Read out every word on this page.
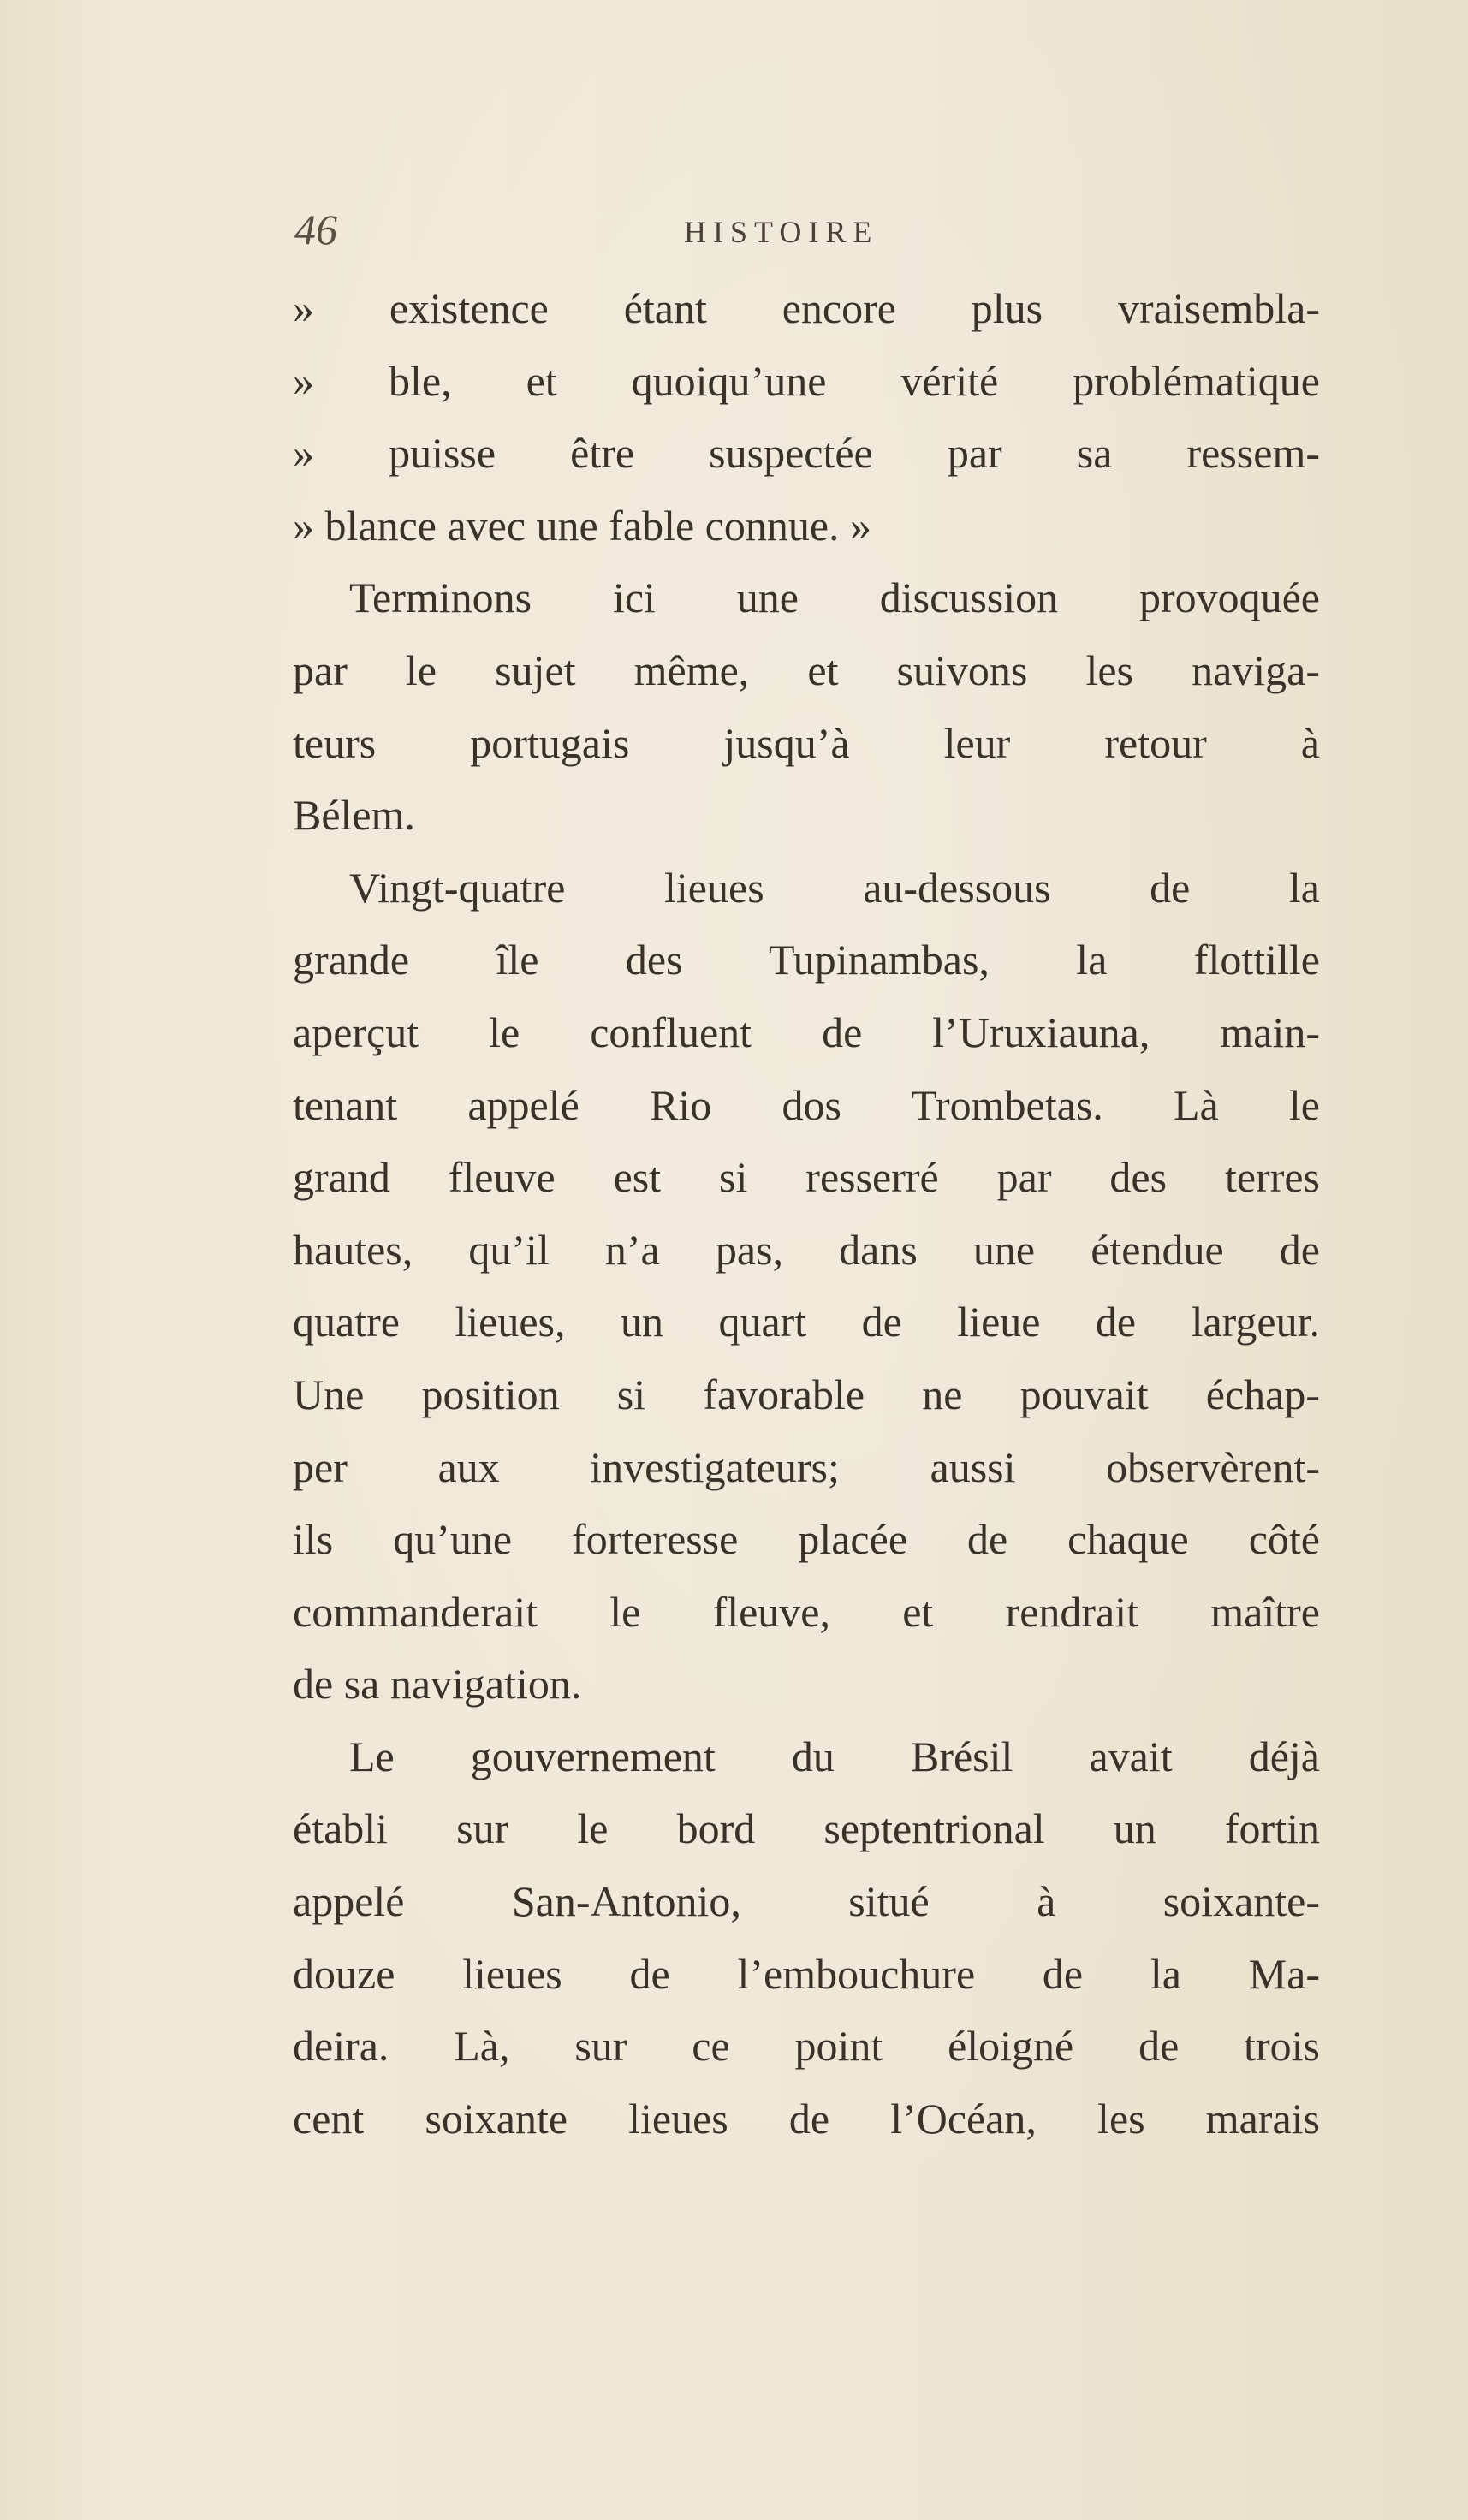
46	HISTOIRE
» existence étant encore plus vraisembla-
» ble, et quoiqu’une vérité problématique
» puisse être suspectée par sa ressem-
» blance avec une fable connue. »
Terminons ici une discussion provoquée
par le sujet même, et suivons les naviga-
teurs portugais jusqu’à leur retour à
Bélem.
Vingt-quatre lieues au-dessous de la
grande île des Tupinambas, la flottille
aperçut le confluent de l’Uruxiauna, main-
tenant appelé Rio dos Trombetas. Là le
grand fleuve est si resserré par des terres
hautes, qu’il n’a pas, dans une étendue de
quatre lieues, un quart de lieue de largeur.
Une position si favorable ne pouvait échap-
per aux investigateurs; aussi observèrent-
ils qu’une forteresse placée de chaque côté
commanderait le fleuve, et rendrait maître
de sa navigation.
Le gouvernement du Brésil avait déjà
établi sur le bord septentrional un fortin
appelé San-Antonio, situé à soixante-
douze lieues de l’embouchure de la Ma-
deira. Là, sur ce point éloigné de trois
cent soixante lieues de l’Océan, les marais
